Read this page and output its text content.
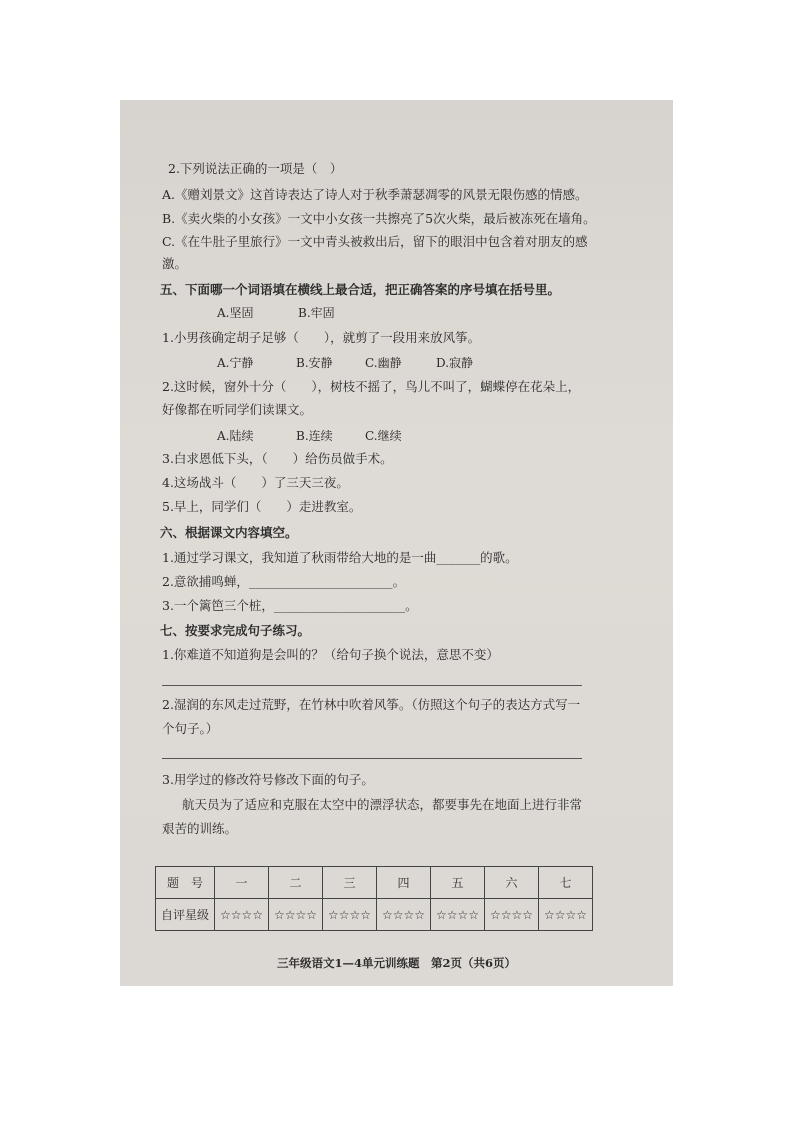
2.下列说法正确的一项是（　）
A.《赠刘景文》这首诗表达了诗人对于秋季萧瑟凋零的风景无限伤感的情感。
B.《卖火柴的小女孩》一文中小女孩一共擦亮了5次火柴，最后被冻死在墙角。
C.《在牛肚子里旅行》一文中青头被救出后，留下的眼泪中包含着对朋友的感
激。
五、下面哪一个词语填在横线上最合适，把正确答案的序号填在括号里。
A.坚固	B.牢固
1.小男孩确定胡子足够（　　），就剪了一段用来放风筝。
A.宁静	B.安静	C.幽静	D.寂静
2.这时候，窗外十分（　　），树枝不摇了，鸟儿不叫了，蝴蝶停在花朵上，
好像都在听同学们读课文。
A.陆续	B.连续	C.继续
3.白求恩低下头，（　　）给伤员做手术。
4.这场战斗（　　）了三天三夜。
5.早上，同学们（　　）走进教室。
六、根据课文内容填空。
1.通过学习课文，我知道了秋雨带给大地的是一曲_______的歌。
2.意欲捕鸣蝉，_______________________。
3.一个篱笆三个桩，_____________________。
七、按要求完成句子练习。
1.你难道不知道狗是会叫的？（给句子换个说法，意思不变）
2.湿润的东风走过荒野，在竹林中吹着风筝。（仿照这个句子的表达方式写一
个句子。）
3.用学过的修改符号修改下面的句子。
航天员为了适应和克服在太空中的漂浮状态，都要事先在地面上进行非常
艰苦的训练。
题　号	一	二	三	四	五	六	七
自评星级	☆☆☆☆	☆☆☆☆	☆☆☆☆	☆☆☆☆	☆☆☆☆	☆☆☆☆	☆☆☆☆
三年级语文1—4单元训练题　第2页（共6页）
